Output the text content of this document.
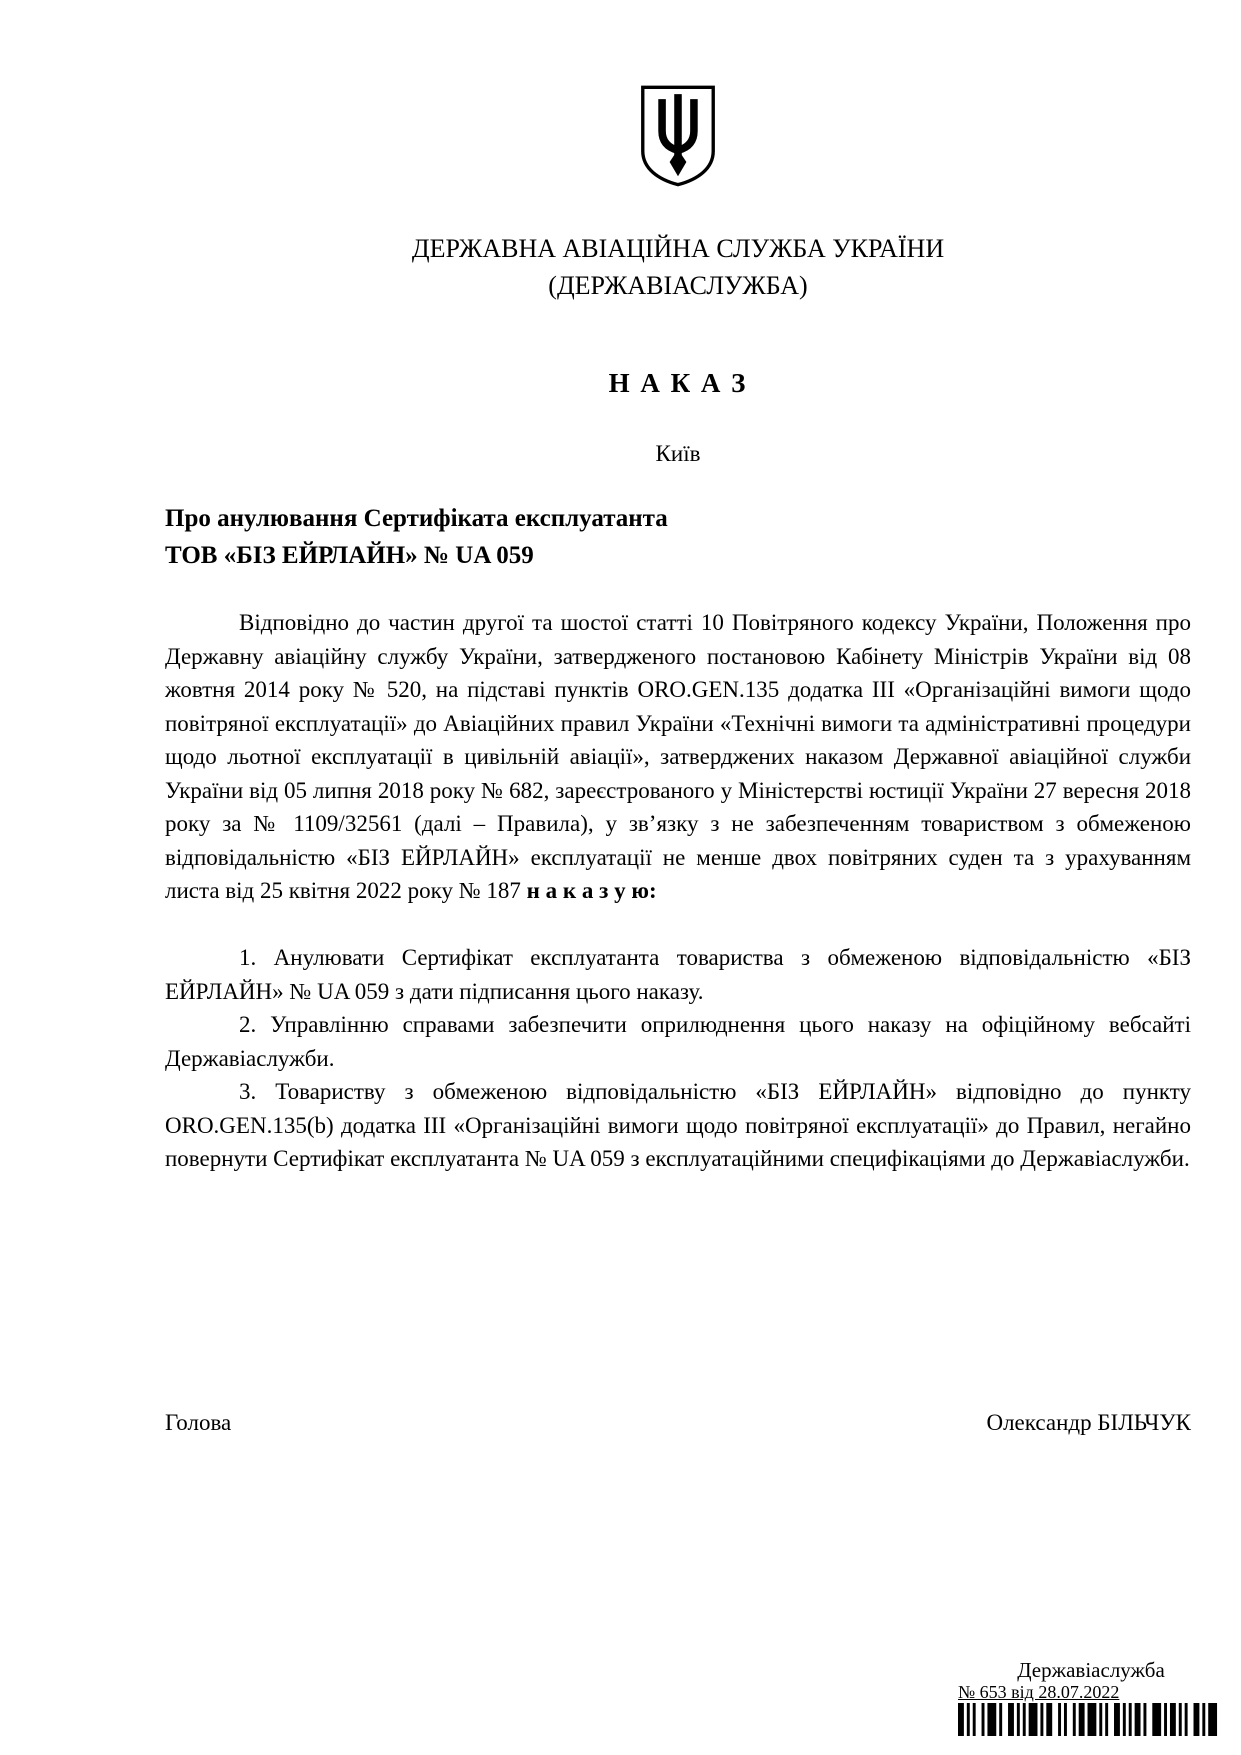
ДЕРЖАВНА АВІАЦІЙНА СЛУЖБА УКРАЇНИ
(ДЕРЖАВІАСЛУЖБА)
Н А К А З
Київ
Про анулювання Сертифіката експлуатанта
ТОВ «БІЗ ЕЙРЛАЙН» № UA 059

Відповідно до частин другої та шостої статті 10 Повітряного кодексу України, Положення про Державну авіаційну службу України, затвердженого постановою Кабінету Міністрів України від 08 жовтня 2014 року № 520, на підставі пунктів ORO.GEN.135 додатка ІІІ «Організаційні вимоги щодо повітряної експлуатації» до Авіаційних правил України «Технічні вимоги та адміністративні процедури щодо льотної експлуатації в цивільній авіації», затверджених наказом Державної авіаційної служби України від 05 липня 2018 року № 682, зареєстрованого у Міністерстві юстиції України 27 вересня 2018 року за № 1109/32561 (далі – Правила), у зв’язку з не забезпеченням товариством з обмеженою відповідальністю «БІЗ ЕЙРЛАЙН» експлуатації не менше двох повітряних суден та з урахуванням листа від 25 квітня 2022 року № 187 н а к а з у ю:

1. Анулювати Сертифікат експлуатанта товариства з обмеженою відповідальністю «БІЗ ЕЙРЛАЙН» № UA 059 з дати підписання цього наказу.

2. Управлінню справами забезпечити оприлюднення цього наказу на офіційному вебсайті Державіаслужби.

3. Товариству з обмеженою відповідальністю «БІЗ ЕЙРЛАЙН» відповідно до пункту ORO.GEN.135(b) додатка ІІІ «Організаційні вимоги щодо повітряної експлуатації» до Правил, негайно повернути Сертифікат експлуатанта № UA 059 з експлуатаційними специфікаціями до Державіаслужби.

Голова	Олександр БІЛЬЧУК
Державіаслужба
№ 653 від 28.07.2022
